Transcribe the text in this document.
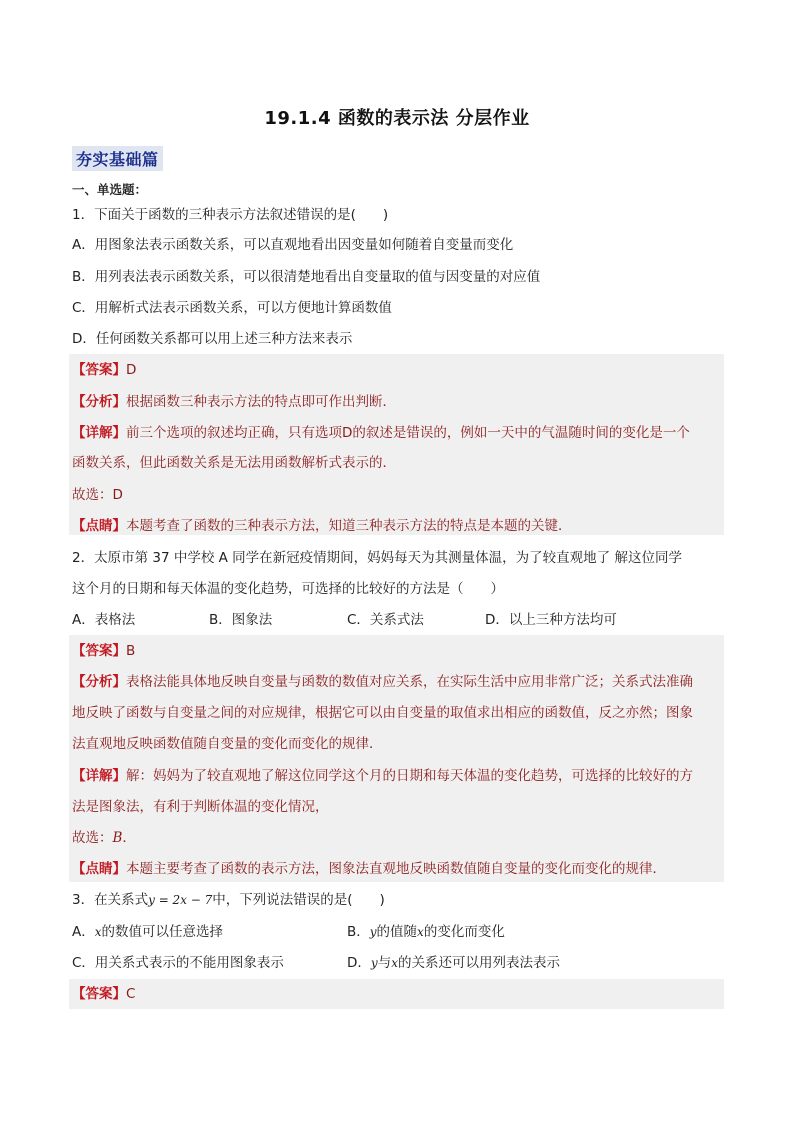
19.1.4 函数的表示法 分层作业
夯实基础篇
一、单选题：
1．下面关于函数的三种表示方法叙述错误的是(　　)
A．用图象法表示函数关系，可以直观地看出因变量如何随着自变量而变化
B．用列表法表示函数关系，可以很清楚地看出自变量取的值与因变量的对应值
C．用解析式法表示函数关系，可以方便地计算函数值
D．任何函数关系都可以用上述三种方法来表示
【答案】D
【分析】根据函数三种表示方法的特点即可作出判断．
【详解】前三个选项的叙述均正确，只有选项D的叙述是错误的，例如一天中的气温随时间的变化是一个
函数关系，但此函数关系是无法用函数解析式表示的．
故选：D
【点睛】本题考查了函数的三种表示方法，知道三种表示方法的特点是本题的关键．
2．太原市第 37 中学校 A 同学在新冠疫情期间，妈妈每天为其测量体温，为了较直观地了 解这位同学
这个月的日期和每天体温的变化趋势，可选择的比较好的方法是（　　）
A．表格法	B．图象法	C．关系式法	D．以上三种方法均可
【答案】B
【分析】表格法能具体地反映自变量与函数的数值对应关系，在实际生活中应用非常广泛；关系式法准确
地反映了函数与自变量之间的对应规律，根据它可以由自变量的取值求出相应的函数值，反之亦然；图象
法直观地反映函数值随自变量的变化而变化的规律．
【详解】解：妈妈为了较直观地了解这位同学这个月的日期和每天体温的变化趋势，可选择的比较好的方
法是图象法，有利于判断体温的变化情况，
故选：B．
【点睛】本题主要考查了函数的表示方法，图象法直观地反映函数值随自变量的变化而变化的规律．
3．在关系式y = 2x − 7中，下列说法错误的是(　　)
A．x的数值可以任意选择	B．y的值随x的变化而变化
C．用关系式表示的不能用图象表示	D．y与x的关系还可以用列表法表示
【答案】C
